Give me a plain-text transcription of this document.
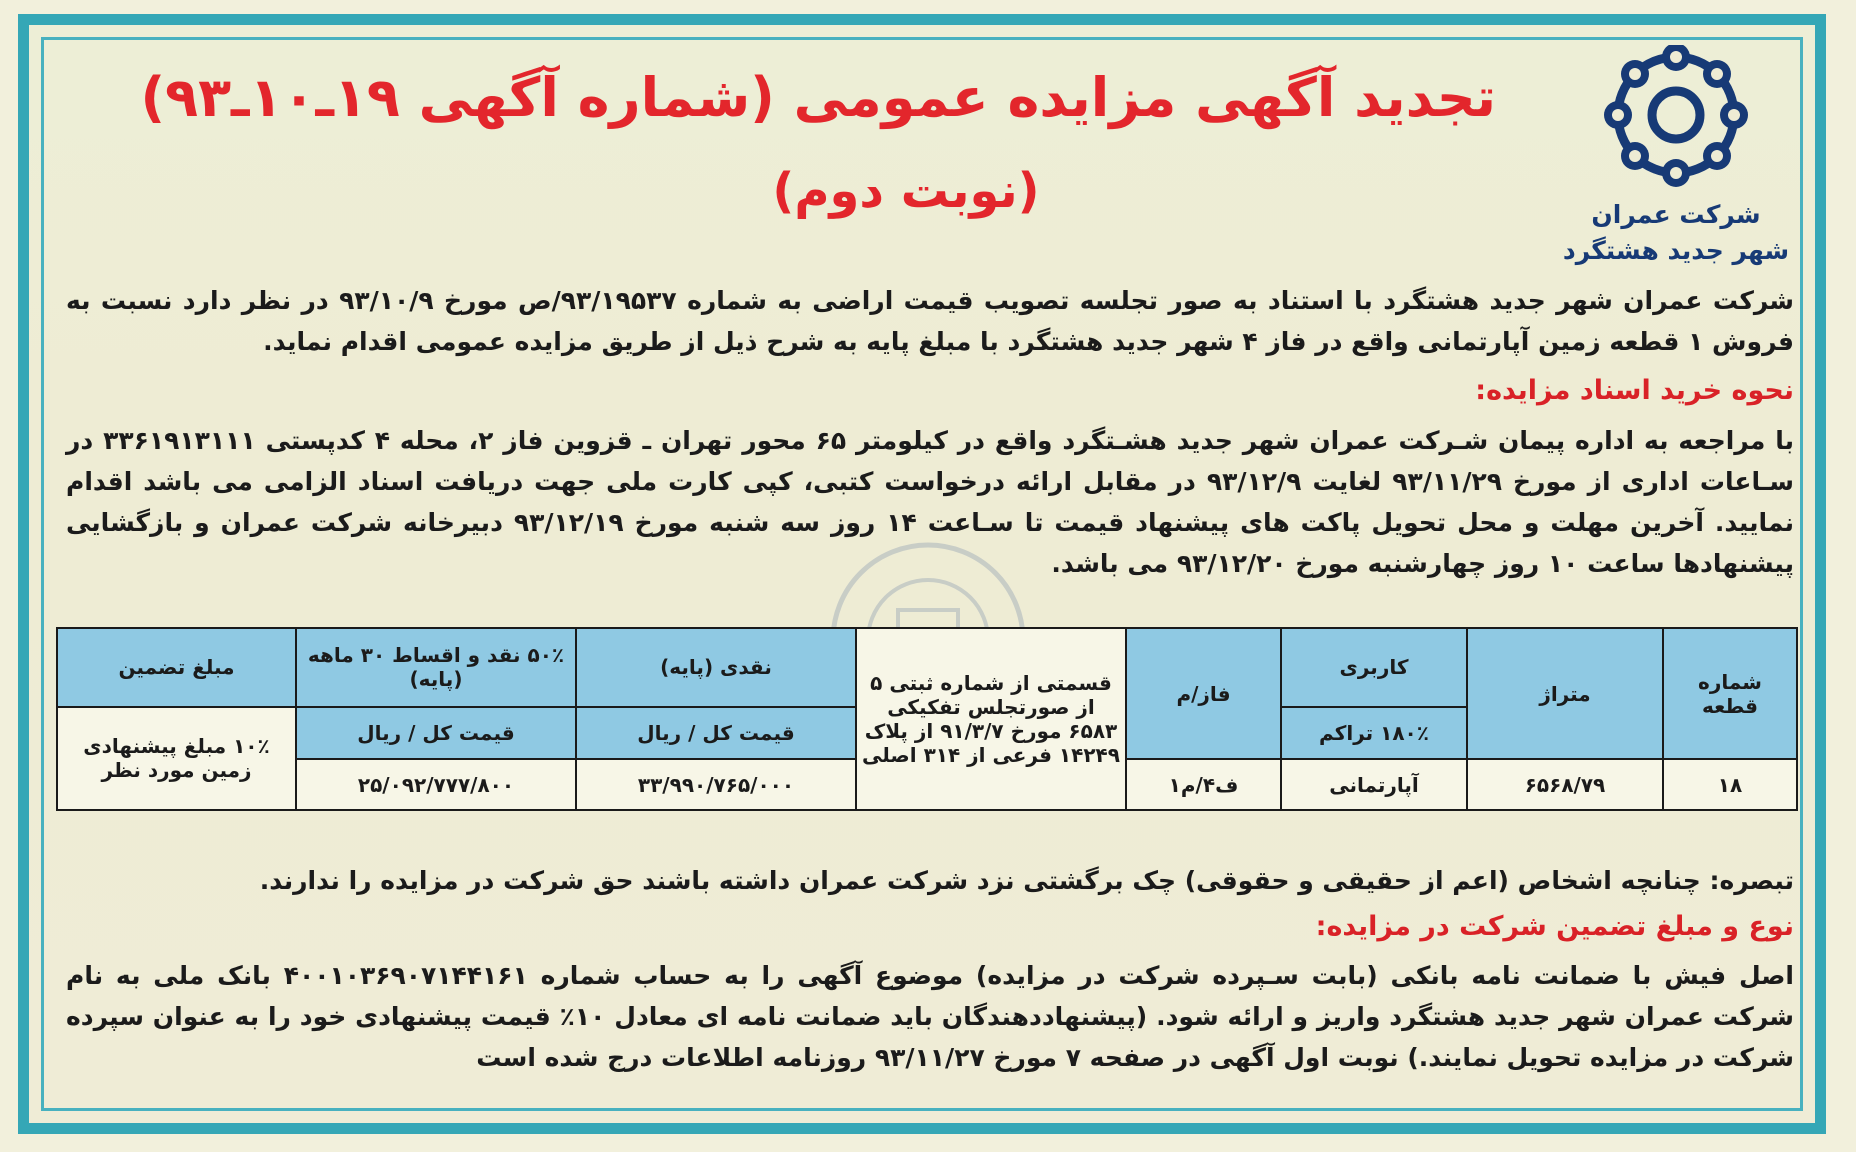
شرکت عمران
شهر جدید هشتگرد
تجدید آگهی مزایده عمومی (شماره آگهی ۱۹ـ۱۰ـ۹۳)
(نوبت دوم)
شرکت عمران شهر جدید هشتگرد با استناد به صور تجلسه تصویب قیمت اراضی به شماره ۹۳/۱۹۵۳۷/ص مورخ ۹۳/۱۰/۹ در نظر دارد نسبت به فروش ۱ قطعه زمین آپارتمانی واقع در فاز ۴ شهر جدید هشتگرد با مبلغ پایه به شرح ذیل از طریق مزایده عمومی اقدام نماید.
نحوه خرید اسناد مزایده:
با مراجعه به اداره پیمان شـرکت عمران شهر جدید هشـتگرد واقع در کیلومتر ۶۵ محور تهران ـ قزوین فاز ۲، محله ۴ کدپستی ۳۳۶۱۹۱۳۱۱۱ در سـاعات اداری از مورخ ۹۳/۱۱/۲۹ لغایت ۹۳/۱۲/۹ در مقابل ارائه درخواست کتبی، کپی کارت ملی جهت دریافت اسناد الزامی می باشد اقدام نمایید. آخرین مهلت و محل تحویل پاکت های پیشنهاد قیمت تا سـاعت ۱۴ روز سه شنبه مورخ ۹۳/۱۲/۱۹ دبیرخانه شرکت عمران و بازگشایی پیشنهادها ساعت ۱۰ روز چهارشنبه مورخ ۹۳/۱۲/۲۰ می باشد.
شماره قطعه	متراژ	کاربری	فاز/م	قسمتی از شماره ثبتی ۵ از صورتجلس تفکیکی ۶۵۸۳ مورخ ۹۱/۳/۷ از پلاک ۱۴۲۴۹ فرعی از ۳۱۴ اصلی	نقدی (پایه)	۵۰٪ نقد و اقساط ۳۰ ماهه (پایه)	مبلغ تضمین
		۱۸۰٪ تراکم			قیمت کل / ریال	قیمت کل / ریال	۱۰٪ مبلغ پیشنهادی زمین مورد نظر
۱۸	۶۵۶۸/۷۹	آپارتمانی	ف۴/م۱		۳۳/۹۹۰/۷۶۵/۰۰۰	۲۵/۰۹۲/۷۷۷/۸۰۰	
تبصره: چنانچه اشخاص (اعم از حقیقی و حقوقی) چک برگشتی نزد شرکت عمران داشته باشند حق شرکت در مزایده را ندارند.
نوع و مبلغ تضمین شرکت در مزایده:
اصل فیش با ضمانت نامه بانکی (بابت سـپرده شرکت در مزایده) موضوع آگهی را به حساب شماره ۴۰۰۱۰۳۶۹۰۷۱۴۴۱۶۱ بانک ملی به نام شرکت عمران شهر جدید هشتگرد واریز و ارائه شود. (پیشنهاددهندگان باید ضمانت نامه ای معادل ۱۰٪ قیمت پیشنهادی خود را به عنوان سپرده شرکت در مزایده تحویل نمایند.) نوبت اول آگهی در صفحه ۷ مورخ ۹۳/۱۱/۲۷ روزنامه اطلاعات درج شده است
